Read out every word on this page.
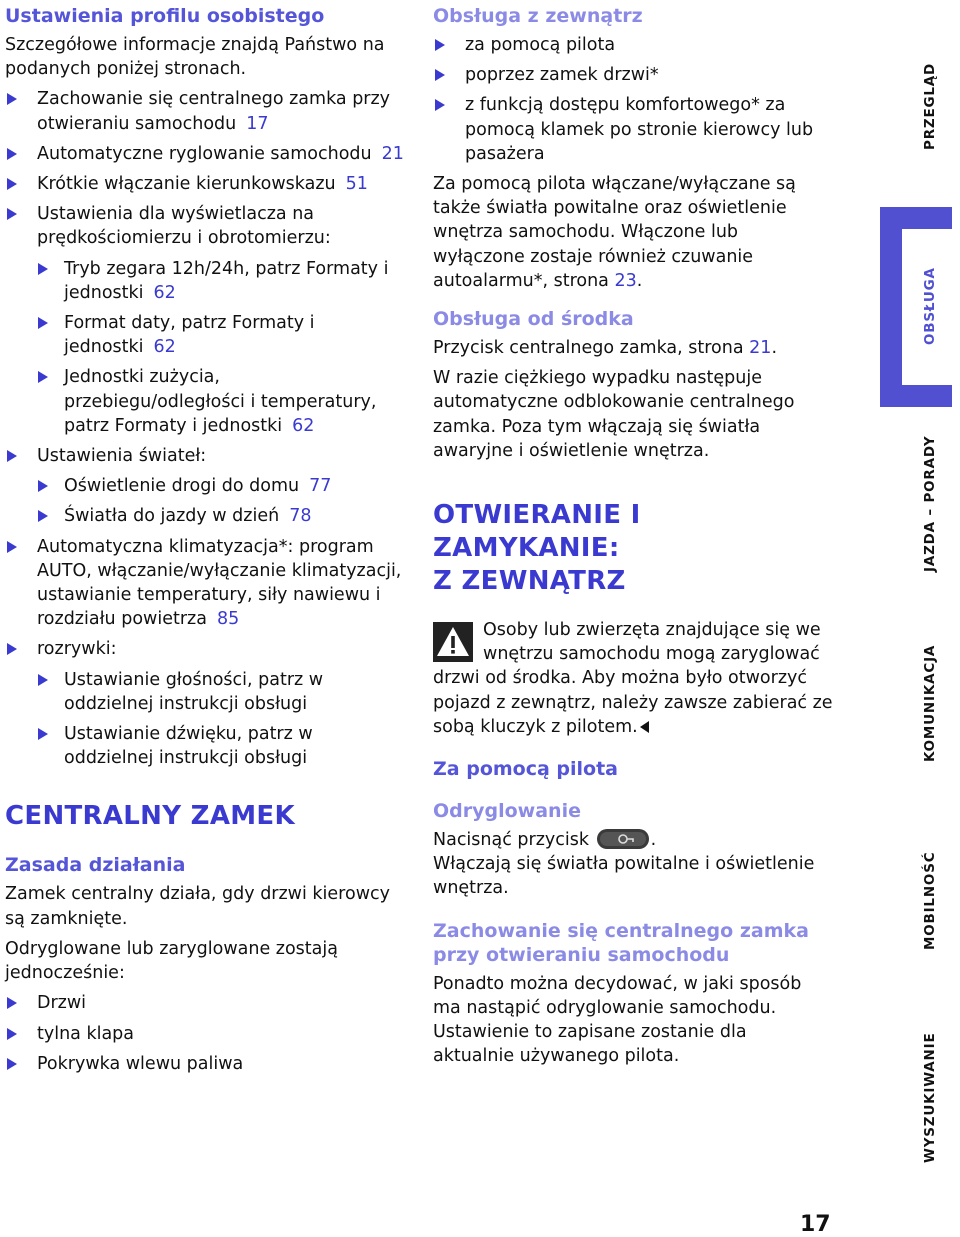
Ustawienia profilu osobistego

Szczegółowe informacje znajdą Państwo na podanych poniżej stronach.

Zachowanie się centralnego zamka przy otwieraniu samochodu 17
Automatyczne ryglowanie samochodu 21
Krótkie włączanie kierunkowskazu 51
Ustawienia dla wyświetlacza na prędkościomierzu i obrotomierzu:
Tryb zegara 12h/24h, patrz Formaty i jednostki 62
Format daty, patrz Formaty i jednostki 62
Jednostki zużycia, przebiegu/odległości i temperatury, patrz Formaty i jednostki 62
Ustawienia świateł:
Oświetlenie drogi do domu 77
Światła do jazdy w dzień 78
Automatyczna klimatyzacja*: program AUTO, włączanie/wyłączanie klimatyzacji, ustawianie temperatury, siły nawiewu i rozdziału powietrza 85
rozrywki:
Ustawianie głośności, patrz w oddzielnej instrukcji obsługi
Ustawianie dźwięku, patrz w oddzielnej instrukcji obsługi
CENTRALNY ZAMEK
Zasada działania

Zamek centralny działa, gdy drzwi kierowcy są zamknięte.

Odryglowane lub zaryglowane zostają jednocześnie:

Drzwi
tylna klapa
Pokrywka wlewu paliwa
Obsługa z zewnątrz
za pomocą pilota
poprzez zamek drzwi*
z funkcją dostępu komfortowego* za pomocą klamek po stronie kierowcy lub pasażera

Za pomocą pilota włączane/wyłączane są także światła powitalne oraz oświetlenie wnętrza samochodu. Włączone lub wyłączone zostaje również czuwanie autoalarmu*, strona 23.

Obsługa od środka

Przycisk centralnego zamka, strona 21.

W razie ciężkiego wypadku następuje automatyczne odblokowanie centralnego zamka. Poza tym włączają się światła awaryjne i oświetlenie wnętrza.

OTWIERANIE I ZAMYKANIE:
Z ZEWNĄTRZ

Osoby lub zwierzęta znajdujące się we wnętrzu samochodu mogą zaryglować drzwi od środka. Aby można było otworzyć pojazd z zewnątrz, należy zawsze zabierać ze sobą kluczyk z pilotem.

Za pomocą pilota
Odryglowanie

Nacisnąć przycisk	.

Włączają się światła powitalne i oświetlenie wnętrza.

Zachowanie się centralnego zamka przy otwieraniu samochodu

Ponadto można decydować, w jaki sposób ma nastąpić odryglowanie samochodu. Ustawienie to zapisane zostanie dla aktualnie używanego pilota.

PRZEGLĄD
OBSŁUGA
JAZDA – PORADY
KOMUNIKACJA
MOBILNOŚĆ
WYSZUKIWANIE
17
